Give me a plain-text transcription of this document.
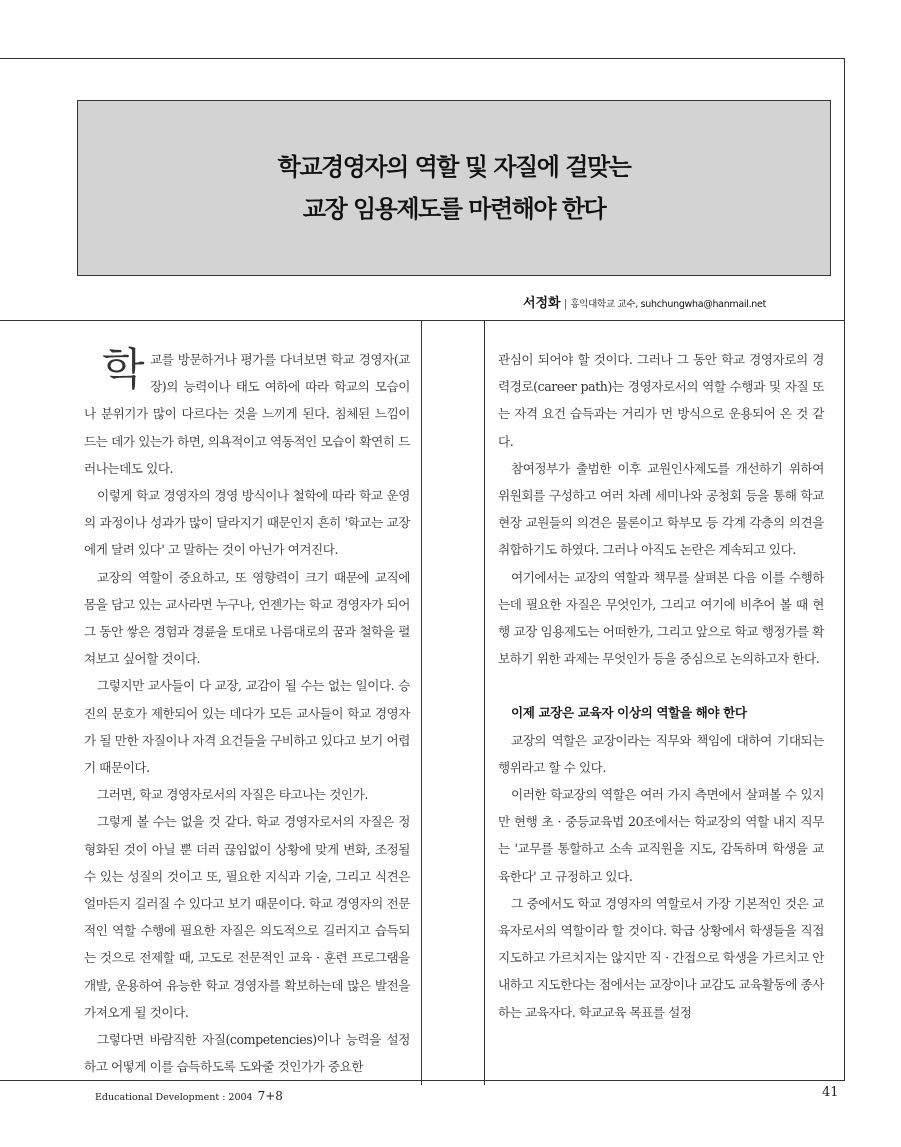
학교경영자의 역할 및 자질에 걸맞는
교장 임용제도를 마련해야 한다
서정화 | 홍익대학교 교수, suhchungwha@hanmail.net

학교를 방문하거나 평가를 다녀보면 학교 경영자(교장)의 능력이나 태도 여하에 따라 학교의 모습이나 분위기가 많이 다르다는 것을 느끼게 된다. 침체된 느낌이 드는 데가 있는가 하면, 의욕적이고 역동적인 모습이 확연히 드러나는데도 있다.

이렇게 학교 경영자의 경영 방식이나 철학에 따라 학교 운영의 과정이나 성과가 많이 달라지기 때문인지 흔히 '학교는 교장에게 달려 있다' 고 말하는 것이 아닌가 여겨진다.

교장의 역할이 중요하고, 또 영향력이 크기 때문에 교직에 몸을 담고 있는 교사라면 누구나, 언젠가는 학교 경영자가 되어 그 동안 쌓은 경험과 경륜을 토대로 나름대로의 꿈과 철학을 펼쳐보고 싶어할 것이다.

그렇지만 교사들이 다 교장, 교감이 될 수는 없는 일이다. 승진의 문호가 제한되어 있는 데다가 모든 교사들이 학교 경영자가 될 만한 자질이나 자격 요건들을 구비하고 있다고 보기 어렵기 때문이다.

그러면, 학교 경영자로서의 자질은 타고나는 것인가.

그렇게 볼 수는 없을 것 같다. 학교 경영자로서의 자질은 정형화된 것이 아닐 뿐 더러 끊임없이 상황에 맞게 변화, 조정될 수 있는 성질의 것이고 또, 필요한 지식과 기술, 그리고 식견은 얼마든지 길러질 수 있다고 보기 때문이다. 학교 경영자의 전문적인 역할 수행에 필요한 자질은 의도적으로 길러지고 습득되는 것으로 전제할 때, 고도로 전문적인 교육 · 훈련 프로그램을 개발, 운용하여 유능한 학교 경영자를 확보하는데 많은 발전을 가져오게 될 것이다.

그렇다면 바람직한 자질(competencies)이나 능력을 설정하고 어떻게 이를 습득하도록 도와줄 것인가가 중요한

관심이 되어야 할 것이다. 그러나 그 동안 학교 경영자로의 경력경로(career path)는 경영자로서의 역할 수행과 및 자질 또는 자격 요건 습득과는 거리가 먼 방식으로 운용되어 온 것 같다.

참여정부가 출범한 이후 교원인사제도를 개선하기 위하여 위원회를 구성하고 여러 차례 세미나와 공청회 등을 통해 학교 현장 교원들의 의견은 물론이고 학부모 등 각계 각층의 의견을 취합하기도 하였다. 그러나 아직도 논란은 계속되고 있다.

여기에서는 교장의 역할과 책무를 살펴본 다음 이를 수행하는데 필요한 자질은 무엇인가, 그리고 여기에 비추어 볼 때 현행 교장 임용제도는 어떠한가, 그리고 앞으로 학교 행정가를 확보하기 위한 과제는 무엇인가 등을 중심으로 논의하고자 한다.

이제 교장은 교육자 이상의 역할을 해야 한다

교장의 역할은 교장이라는 직무와 책임에 대하여 기대되는 행위라고 할 수 있다.

이러한 학교장의 역할은 여러 가지 측면에서 살펴볼 수 있지만 현행 초 · 중등교육법 20조에서는 학교장의 역할 내지 직무는 '교무를 통할하고 소속 교직원을 지도, 감독하며 학생을 교육한다' 고 규정하고 있다.

그 중에서도 학교 경영자의 역할로서 가장 기본적인 것은 교육자로서의 역할이라 할 것이다. 학급 상황에서 학생들을 직접 지도하고 가르치지는 않지만 직 · 간접으로 학생을 가르치고 안내하고 지도한다는 점에서는 교장이나 교감도 교육활동에 종사하는 교육자다. 학교교육 목표를 설정

Educational Development : 2004 7+8	41
